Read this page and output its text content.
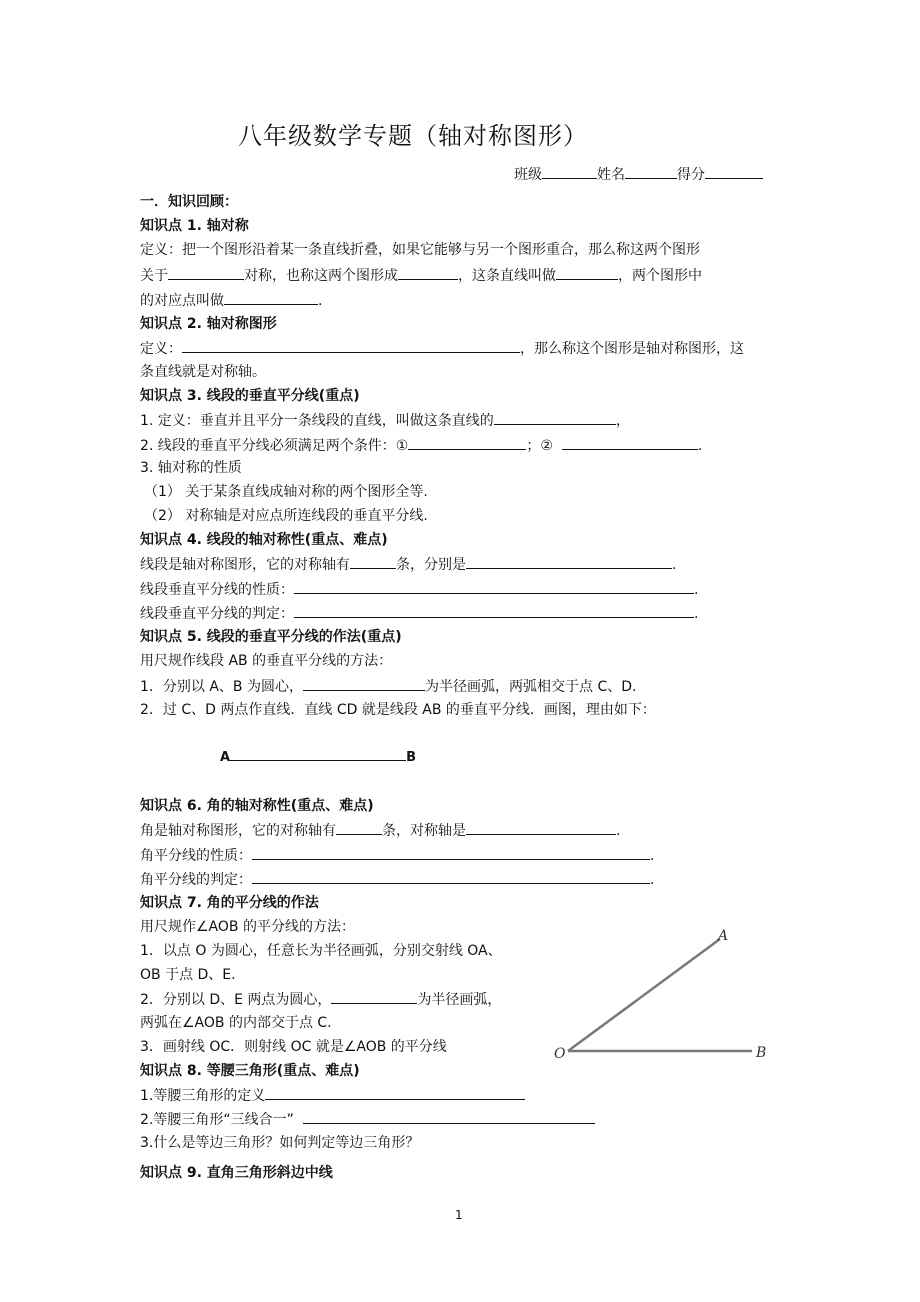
八年级数学专题（轴对称图形）
班级	姓名	得分
一．知识回顾：
知识点 1. 轴对称
定义：把一个图形沿着某一条直线折叠，如果它能够与另一个图形重合，那么称这两个图形
关于	对称，也称这两个图形成	，这条直线叫做	，两个图形中
的对应点叫做	.
知识点 2. 轴对称图形
定义：	，那么称这个图形是轴对称图形，这
条直线就是对称轴。
知识点 3. 线段的垂直平分线(重点)
1. 定义：垂直并且平分一条线段的直线，叫做这条直线的	，
2. 线段的垂直平分线必须满足两个条件：①	；②	.
3. 轴对称的性质
（1） 关于某条直线成轴对称的两个图形全等.
（2） 对称轴是对应点所连线段的垂直平分线.
知识点 4. 线段的轴对称性(重点、难点)
线段是轴对称图形，它的对称轴有	条，分别是	.
线段垂直平分线的性质：	.
线段垂直平分线的判定：	.
知识点 5. 线段的垂直平分线的作法(重点)
用尺规作线段 AB 的垂直平分线的方法：
1．分别以 A、B 为圆心，	为半径画弧，两弧相交于点 C、D.
2．过 C、D 两点作直线．直线 CD 就是线段 AB 的垂直平分线．画图，理由如下：
A	B
知识点 6. 角的轴对称性(重点、难点)
角是轴对称图形，它的对称轴有	条，对称轴是	.
角平分线的性质：	.
角平分线的判定：	.
知识点 7. 角的平分线的作法
用尺规作∠AOB 的平分线的方法：
1．以点 O 为圆心，任意长为半径画弧，分别交射线 OA、
OB 于点 D、E.
2．分别以 D、E 两点为圆心，	为半径画弧，
两弧在∠AOB 的内部交于点 C.
3．画射线 OC．则射线 OC 就是∠AOB 的平分线
A
O	B
知识点 8. 等腰三角形(重点、难点)
1.等腰三角形的定义
2.等腰三角形“三线合一”
3.什么是等边三角形？如何判定等边三角形？
知识点 9. 直角三角形斜边中线
1
